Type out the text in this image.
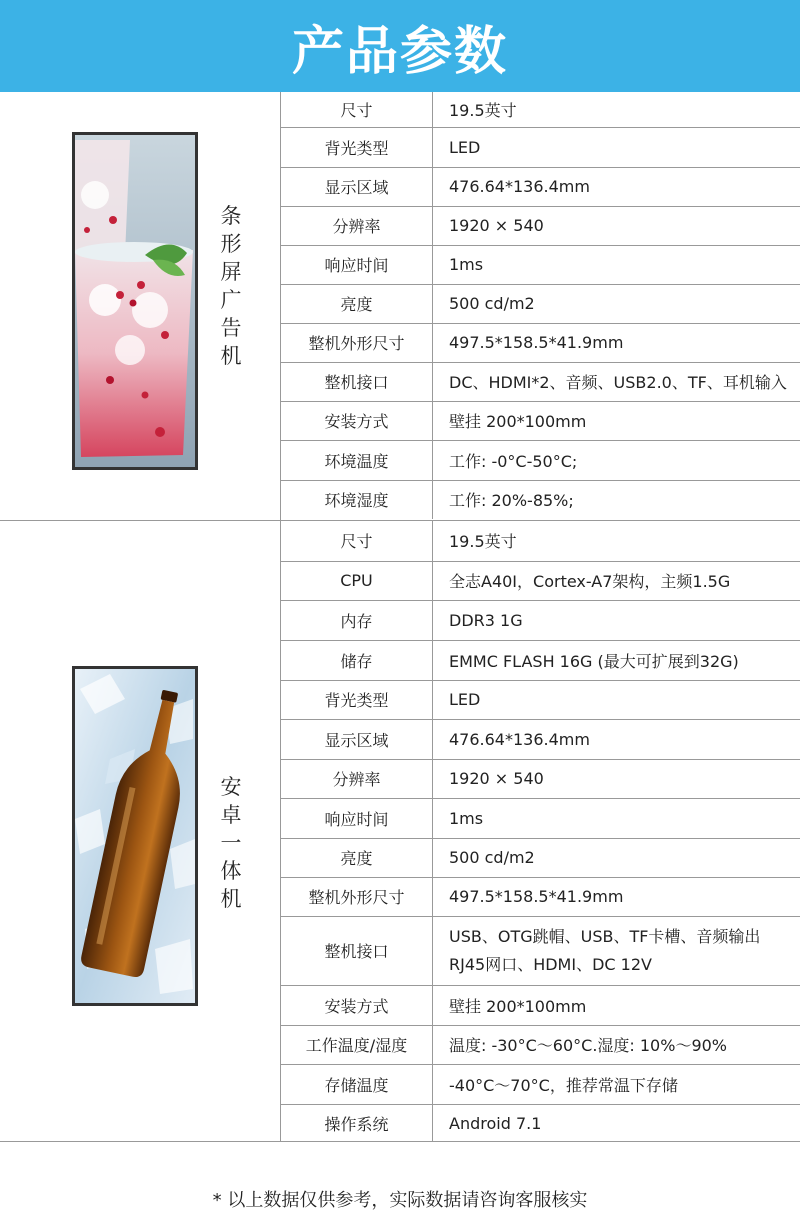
产品参数
条
形
屏
广
告
机
尺寸	19.5英寸
背光类型	LED
显示区域	476.64*136.4mm
分辨率	1920 × 540
响应时间	1ms
亮度	500 cd/m2
整机外形尺寸	497.5*158.5*41.9mm
整机接口	DC、HDMI*2、音频、USB2.0、TF、耳机输入
安装方式	壁挂 200*100mm
环境温度	工作: -0°C-50°C;
环境湿度	工作: 20%-85%;
安
卓
一
体
机
尺寸	19.5英寸
CPU	全志A40I，Cortex-A7架构，主频1.5G
内存	DDR3 1G
储存	EMMC FLASH 16G (最大可扩展到32G)
背光类型	LED
显示区域	476.64*136.4mm
分辨率	1920 × 540
响应时间	1ms
亮度	500 cd/m2
整机外形尺寸	497.5*158.5*41.9mm
整机接口	USB、OTG跳帽、USB、TF卡槽、音频输出
RJ45网口、HDMI、DC 12V
安装方式	壁挂 200*100mm
工作温度/湿度	温度: -30°C～60°C.湿度: 10%～90%
存储温度	-40°C～70°C，推荐常温下存储
操作系统	Android 7.1
* 以上数据仅供参考，实际数据请咨询客服核实
